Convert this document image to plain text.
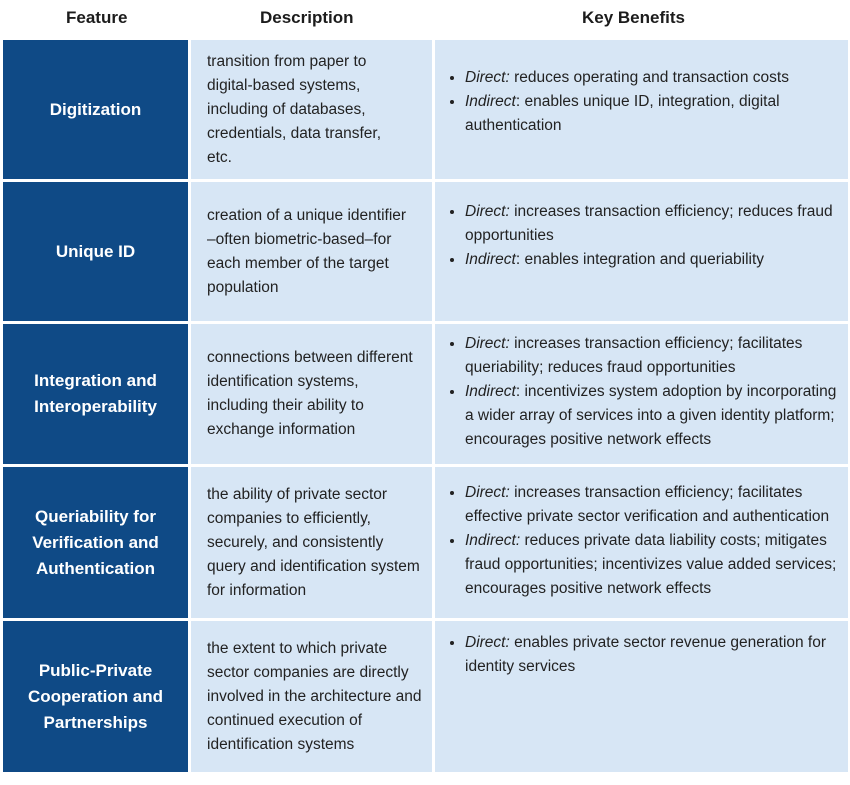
Feature	Description	Key Benefits
Digitization
transition from paper to digital-based systems, including of databases, credentials, data transfer, etc.
• Direct: reduces operating and transaction costs
• Indirect: enables unique ID, integration, digital authentication
Unique ID
creation of a unique identifier –often biometric-based–for each member of the target population
• Direct: increases transaction efficiency; reduces fraud opportunities
• Indirect: enables integration and queriability
Integration and
Interoperability
connections between different identification systems, including their ability to exchange information
• Direct: increases transaction efficiency; facilitates queriability; reduces fraud opportunities
• Indirect: incentivizes system adoption by incorporating a wider array of services into a given identity platform; encourages positive network effects
Queriability for
Verification and
Authentication
the ability of private sector companies to efficiently, securely, and consistently query and identification system for information
• Direct: increases transaction efficiency; facilitates effective private sector verification and authentication
• Indirect: reduces private data liability costs; mitigates fraud opportunities; incentivizes value added services; encourages positive network effects
Public-Private
Cooperation and
Partnerships
the extent to which private sector companies are directly involved in the architecture and continued execution of identification systems
• Direct: enables private sector revenue generation for identity services
